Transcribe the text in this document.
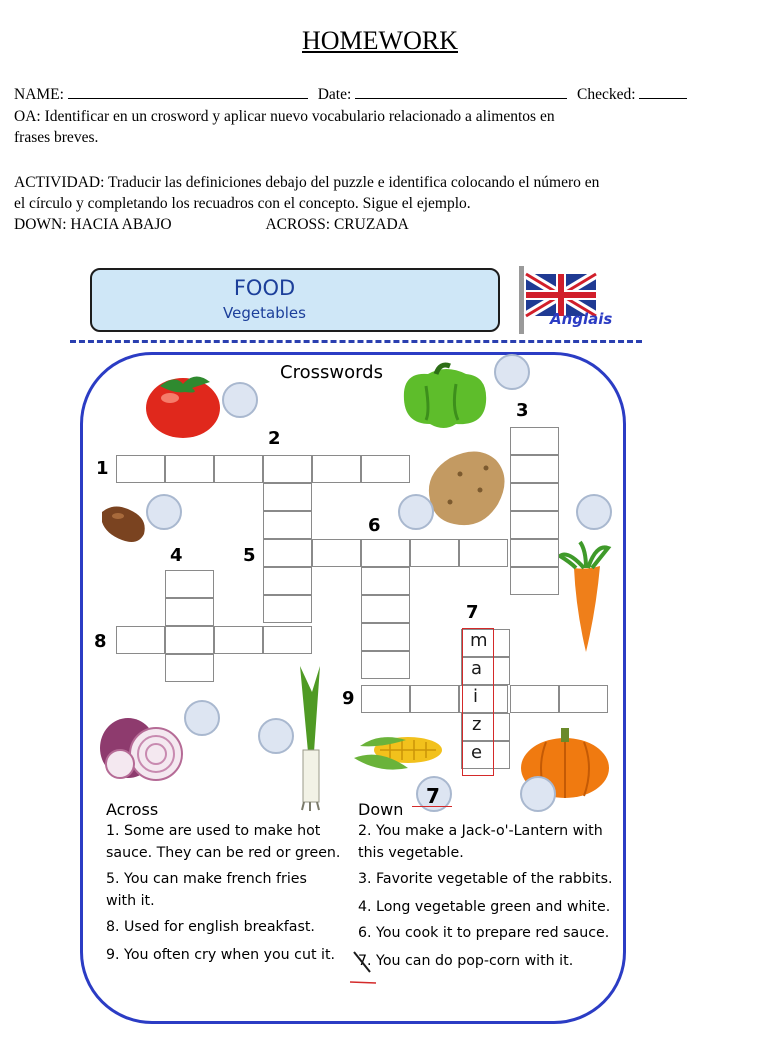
HOMEWORK
NAME:	Date:	Checked:
OA: Identificar en un crosword y aplicar nuevo vocabulario relacionado a alimentos en
frases breves.
ACTIVIDAD: Traducir las definiciones debajo del puzzle e identifica colocando el número en
el círculo y completando los recuadros con el concepto. Sigue el ejemplo.
DOWN: HACIA ABAJO	ACROSS: CRUZADA
FOOD
Vegetables	Anglais
Crosswords
7
m
a
i
z
e
1
2
3
4	5
6
7
8
9
Across
1. Some are used to make hot
sauce. They can be red or green.
5. You can make french fries
with it.
8. Used for english breakfast.
9. You often cry when you cut it.
Down
2. You make a Jack-o'-Lantern with
this vegetable.
3. Favorite vegetable of the rabbits.
4. Long vegetable green and white.
6. You cook it to prepare red sauce.
7. You can do pop-corn with it.
